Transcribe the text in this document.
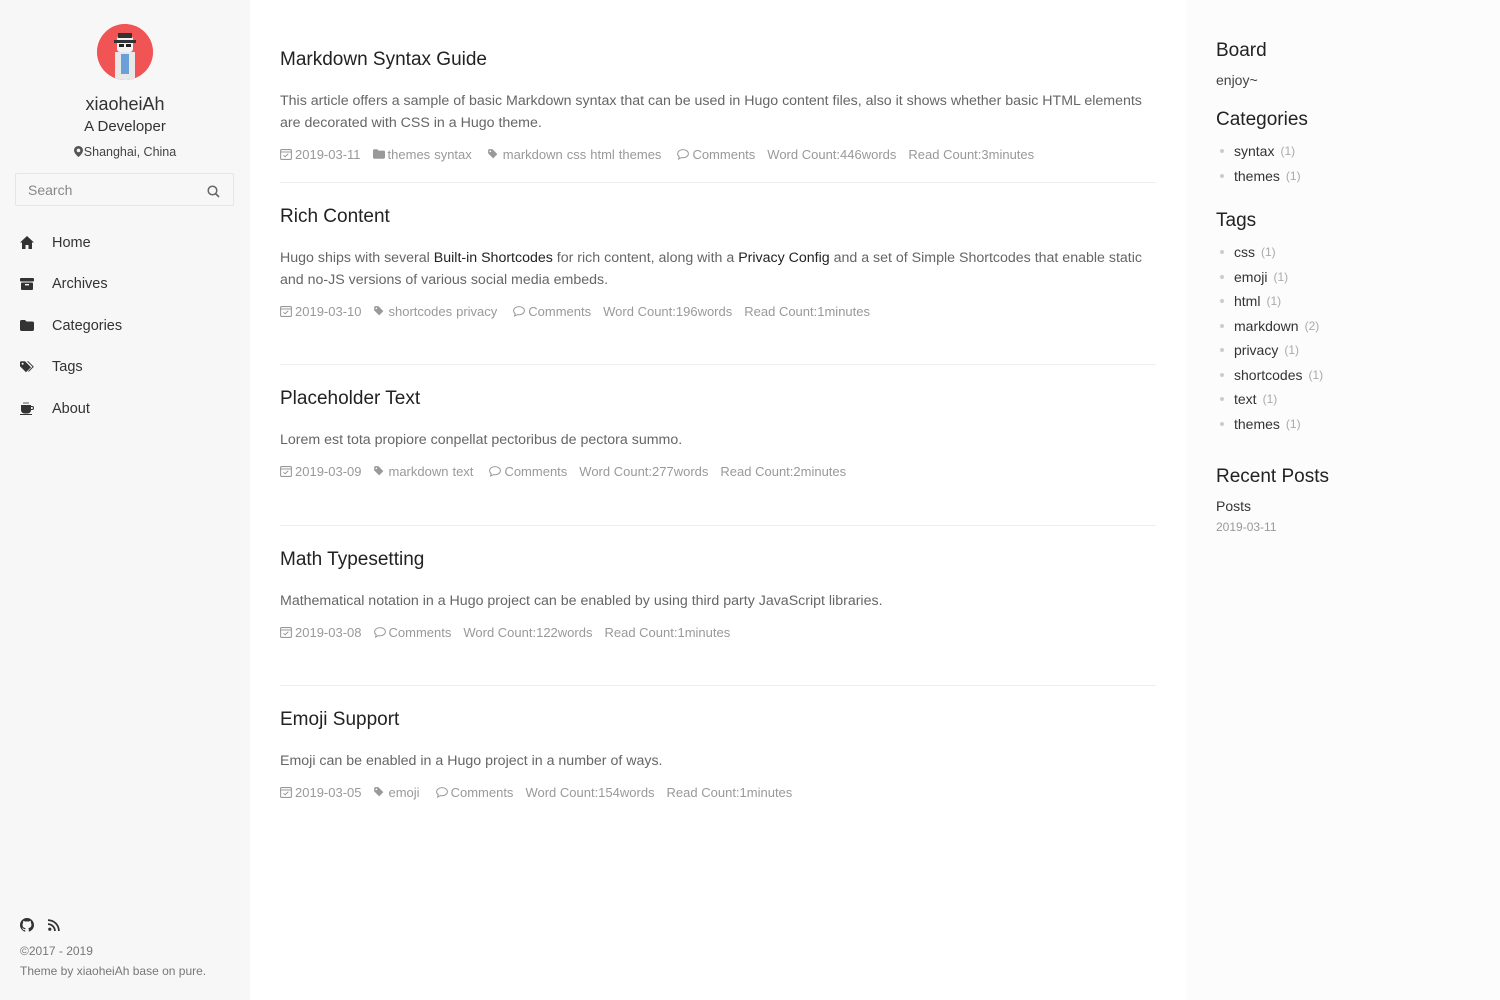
xiaoheiAh
A Developer
Shanghai, China
Search
Home
Archives
Categories
Tags
About
©2017 - 2019
Theme by xiaoheiAh base on pure.
Markdown Syntax Guide

This article offers a sample of basic Markdown syntax that can be used in Hugo content files, also it shows whether basic HTML elements are decorated with CSS in a Hugo theme.

2019-03-11 themes syntax markdown css html themes Comments Word Count:446words Read Count:3minutes
Rich Content

Hugo ships with several Built-in Shortcodes for rich content, along with a Privacy Config and a set of Simple Shortcodes that enable static and no-JS versions of various social media embeds.

2019-03-10 shortcodes privacy Comments Word Count:196words Read Count:1minutes
Placeholder Text

Lorem est tota propiore conpellat pectoribus de pectora summo.

2019-03-09 markdown text Comments Word Count:277words Read Count:2minutes
Math Typesetting

Mathematical notation in a Hugo project can be enabled by using third party JavaScript libraries.

2019-03-08 Comments Word Count:122words Read Count:1minutes
Emoji Support

Emoji can be enabled in a Hugo project in a number of ways.

2019-03-05 emoji Comments Word Count:154words Read Count:1minutes
Board

enjoy~

Categories
syntax (1)
themes (1)
Tags
css (1)
emoji (1)
html (1)
markdown (2)
privacy (1)
shortcodes (1)
text (1)
themes (1)
Recent Posts
Posts
2019-03-11
